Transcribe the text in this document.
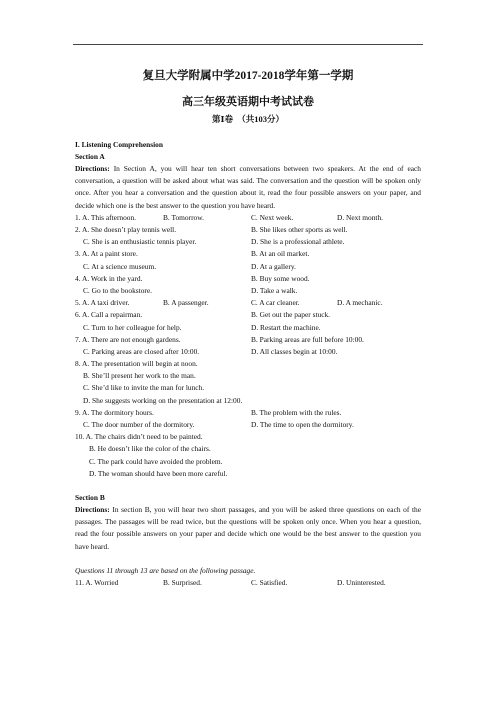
复旦大学附属中学2017-2018学年第一学期
高三年级英语期中考试试卷
第Ⅰ卷　（共103分）
I. Listening Comprehension
Section A
Directions: In Section A, you will hear ten short conversations between two speakers. At the end of each conversation, a question will be asked about what was said. The conversation and the question will be spoken only once. After you hear a conversation and the question about it, read the four possible answers on your paper, and decide which one is the best answer to the question you have heard.
1. A. This afternoon.	B. Tomorrow.	C. Next week.	D. Next month.
2. A. She doesn’t play tennis well.	B. She likes other sports as well.
C. She is an enthusiastic tennis player.	D. She is a professional athlete.
3. A. At a paint store.	B. At an oil market.
C. At a science museum.	D. At a gallery.
4. A. Work in the yard.	B. Buy some wood.
C. Go to the bookstore.	D. Take a walk.
5. A. A taxi driver.	B. A passenger.	C. A car cleaner.	D. A mechanic.
6. A. Call a repairman.	B. Get out the paper stuck.
C. Turn to her colleague for help.	D. Restart the machine.
7. A. There are not enough gardens.	B. Parking areas are full before 10:00.
C. Parking areas are closed after 10:00.	D. All classes begin at 10:00.
8. A. The presentation will begin at noon.
B. She’ll present her work to the man.
C. She’d like to invite the man for lunch.
D. She suggests working on the presentation at 12:00.
9. A. The dormitory hours.	B. The problem with the rules.
C. The door number of the dormitory.	D. The time to open the dormitory.
10. A. The chairs didn’t need to be painted.
B. He doesn’t like the color of the chairs.
C. The park could have avoided the problem.
D. The woman should have been more careful.
Section B
Directions: In section B, you will hear two short passages, and you will be asked three questions on each of the passages. The passages will be read twice, but the questions will be spoken only once. When you hear a question, read the four possible answers on your paper and decide which one would be the best answer to the question you have heard.
Questions 11 through 13 are based on the following passage.
11. A. Worried	B. Surprised.	C. Satisfied.	D. Uninterested.
